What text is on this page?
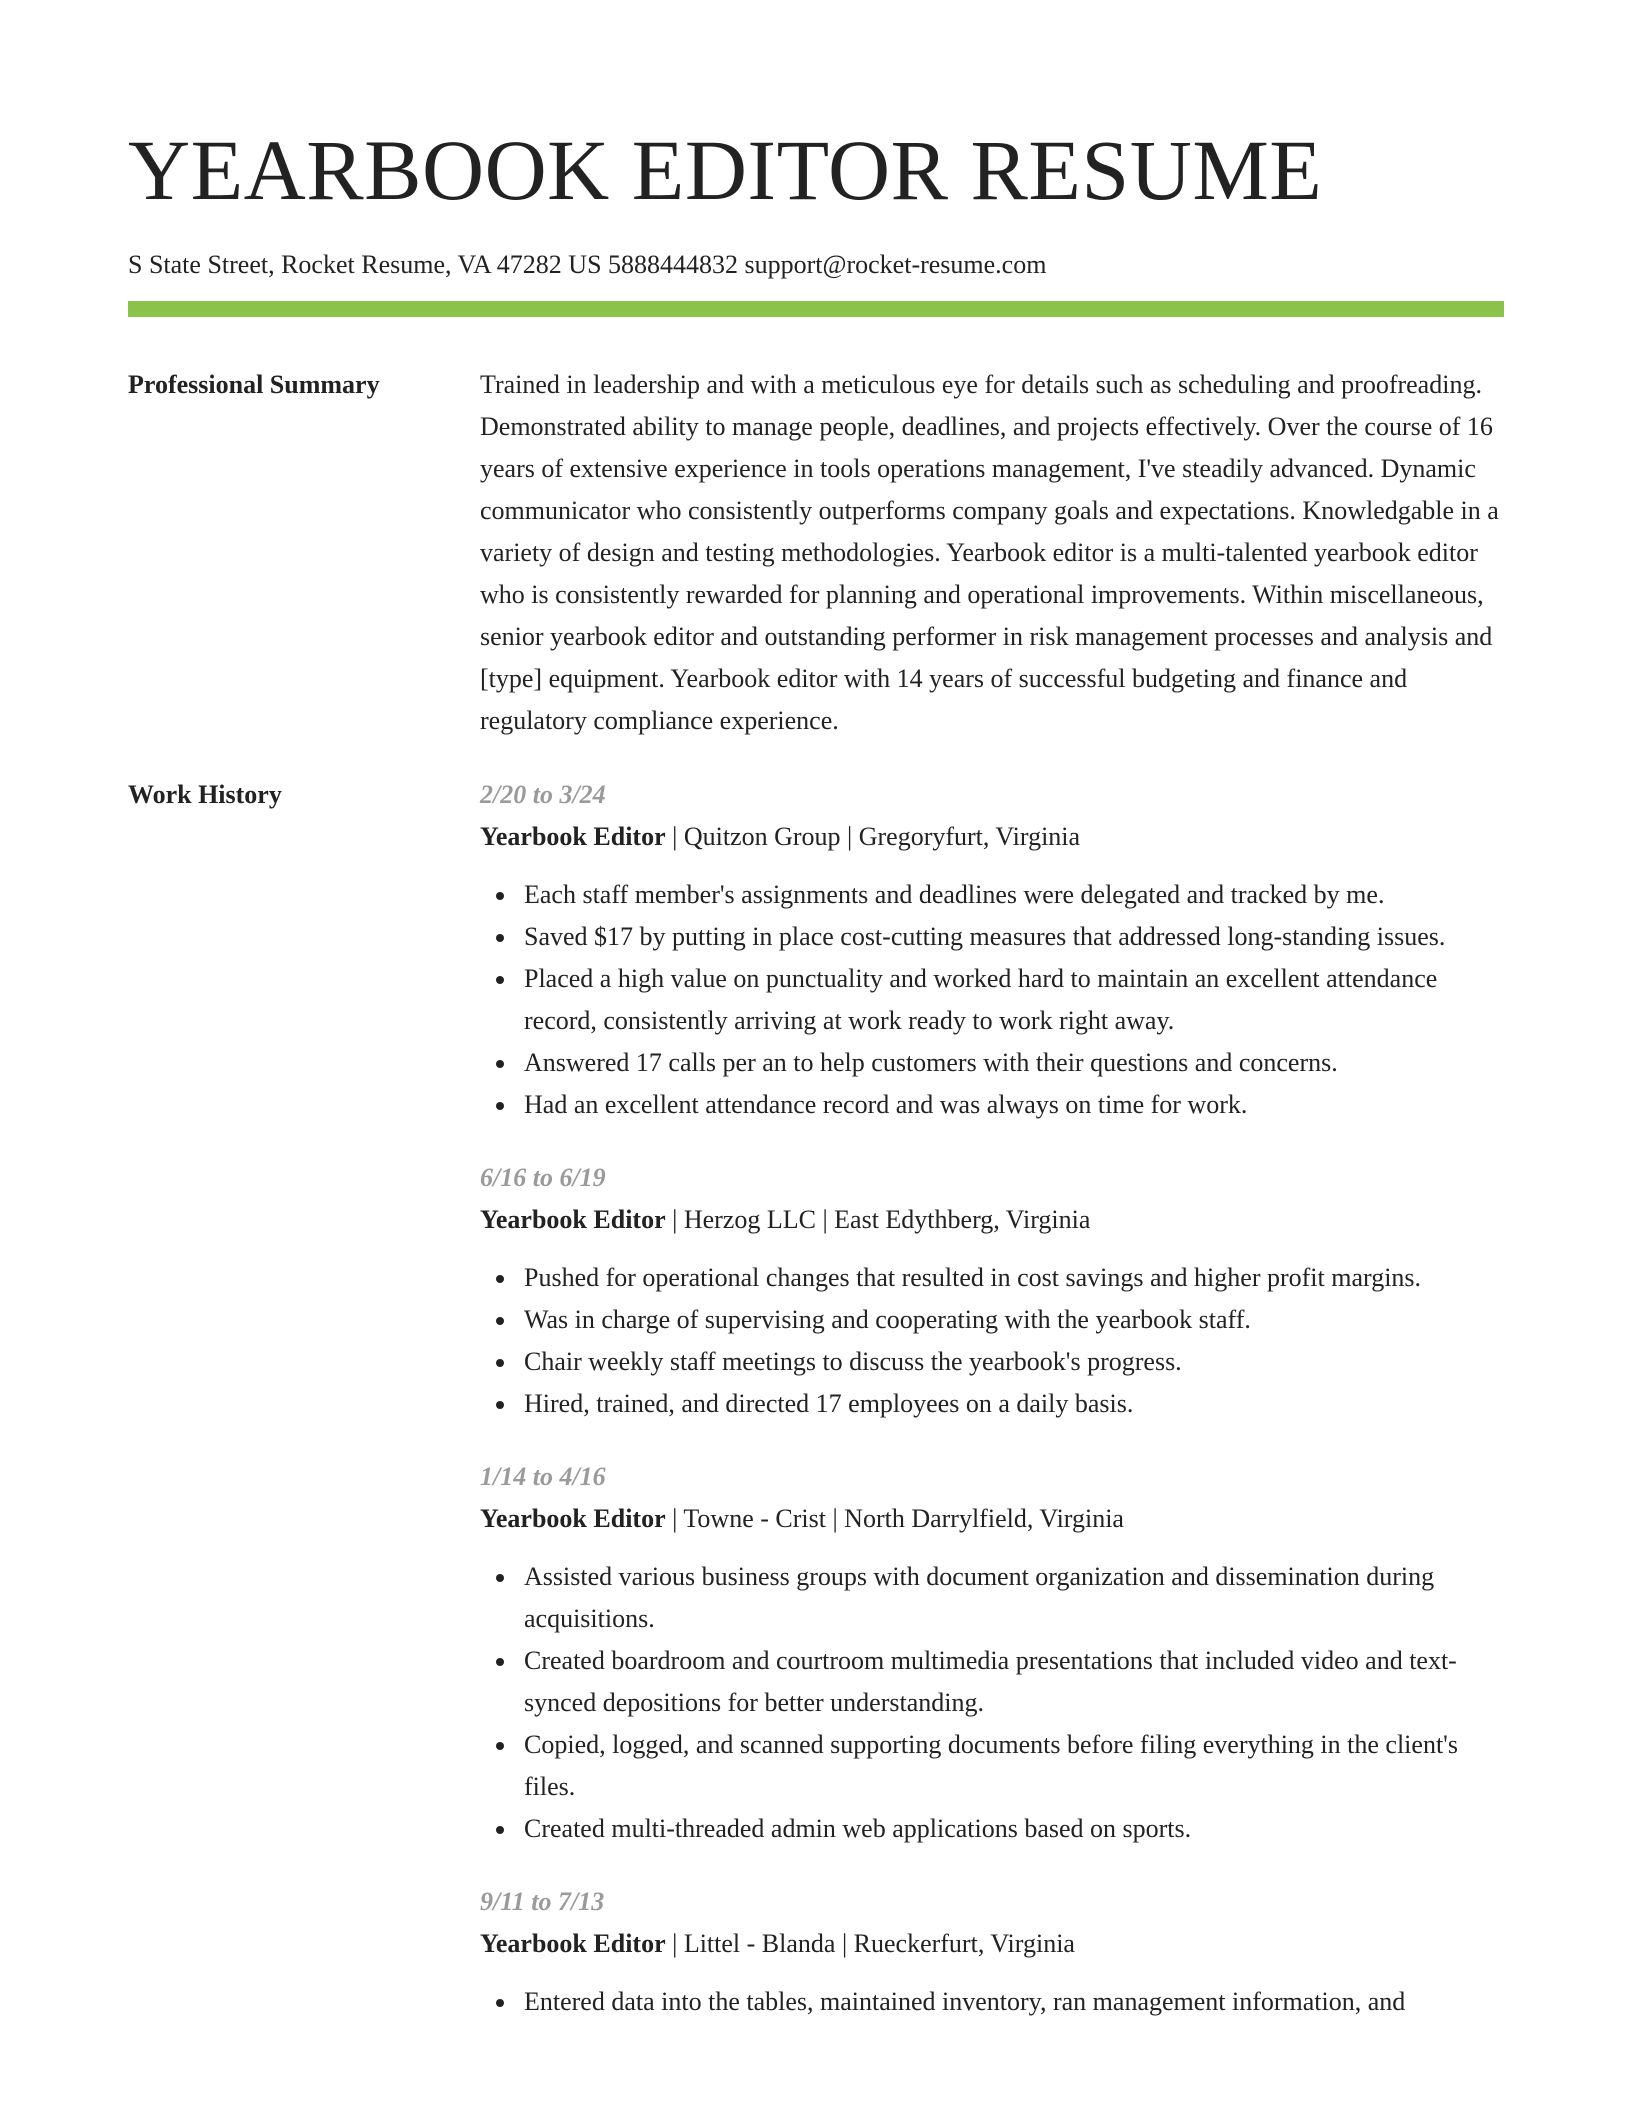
YEARBOOK EDITOR RESUME
S State Street, Rocket Resume, VA 47282 US 5888444832 support@rocket-resume.com
Professional Summary	Trained in leadership and with a meticulous eye for details such as scheduling and proofreading. Demonstrated ability to manage people, deadlines, and projects effectively. Over the course of 16 years of extensive experience in tools operations management, I've steadily advanced. Dynamic communicator who consistently outperforms company goals and expectations. Knowledgable in a variety of design and testing methodologies. Yearbook editor is a multi-talented yearbook editor who is consistently rewarded for planning and operational improvements. Within miscellaneous, senior yearbook editor and outstanding performer in risk management processes and analysis and [type] equipment. Yearbook editor with 14 years of successful budgeting and finance and regulatory compliance experience.

Work History	2/20 to 3/24
Yearbook Editor | Quitzon Group | Gregoryfurt, Virginia
Each staff member's assignments and deadlines were delegated and tracked by me.
Saved $17 by putting in place cost-cutting measures that addressed long-standing issues.
Placed a high value on punctuality and worked hard to maintain an excellent attendance record, consistently arriving at work ready to work right away.
Answered 17 calls per an to help customers with their questions and concerns.
Had an excellent attendance record and was always on time for work.
6/16 to 6/19
Yearbook Editor | Herzog LLC | East Edythberg, Virginia
Pushed for operational changes that resulted in cost savings and higher profit margins.
Was in charge of supervising and cooperating with the yearbook staff.
Chair weekly staff meetings to discuss the yearbook's progress.
Hired, trained, and directed 17 employees on a daily basis.
1/14 to 4/16
Yearbook Editor | Towne - Crist | North Darrylfield, Virginia
Assisted various business groups with document organization and dissemination during acquisitions.
Created boardroom and courtroom multimedia presentations that included video and text-synced depositions for better understanding.
Copied, logged, and scanned supporting documents before filing everything in the client's files.
Created multi-threaded admin web applications based on sports.
9/11 to 7/13
Yearbook Editor | Littel - Blanda | Rueckerfurt, Virginia
Entered data into the tables, maintained inventory, ran management information, and
